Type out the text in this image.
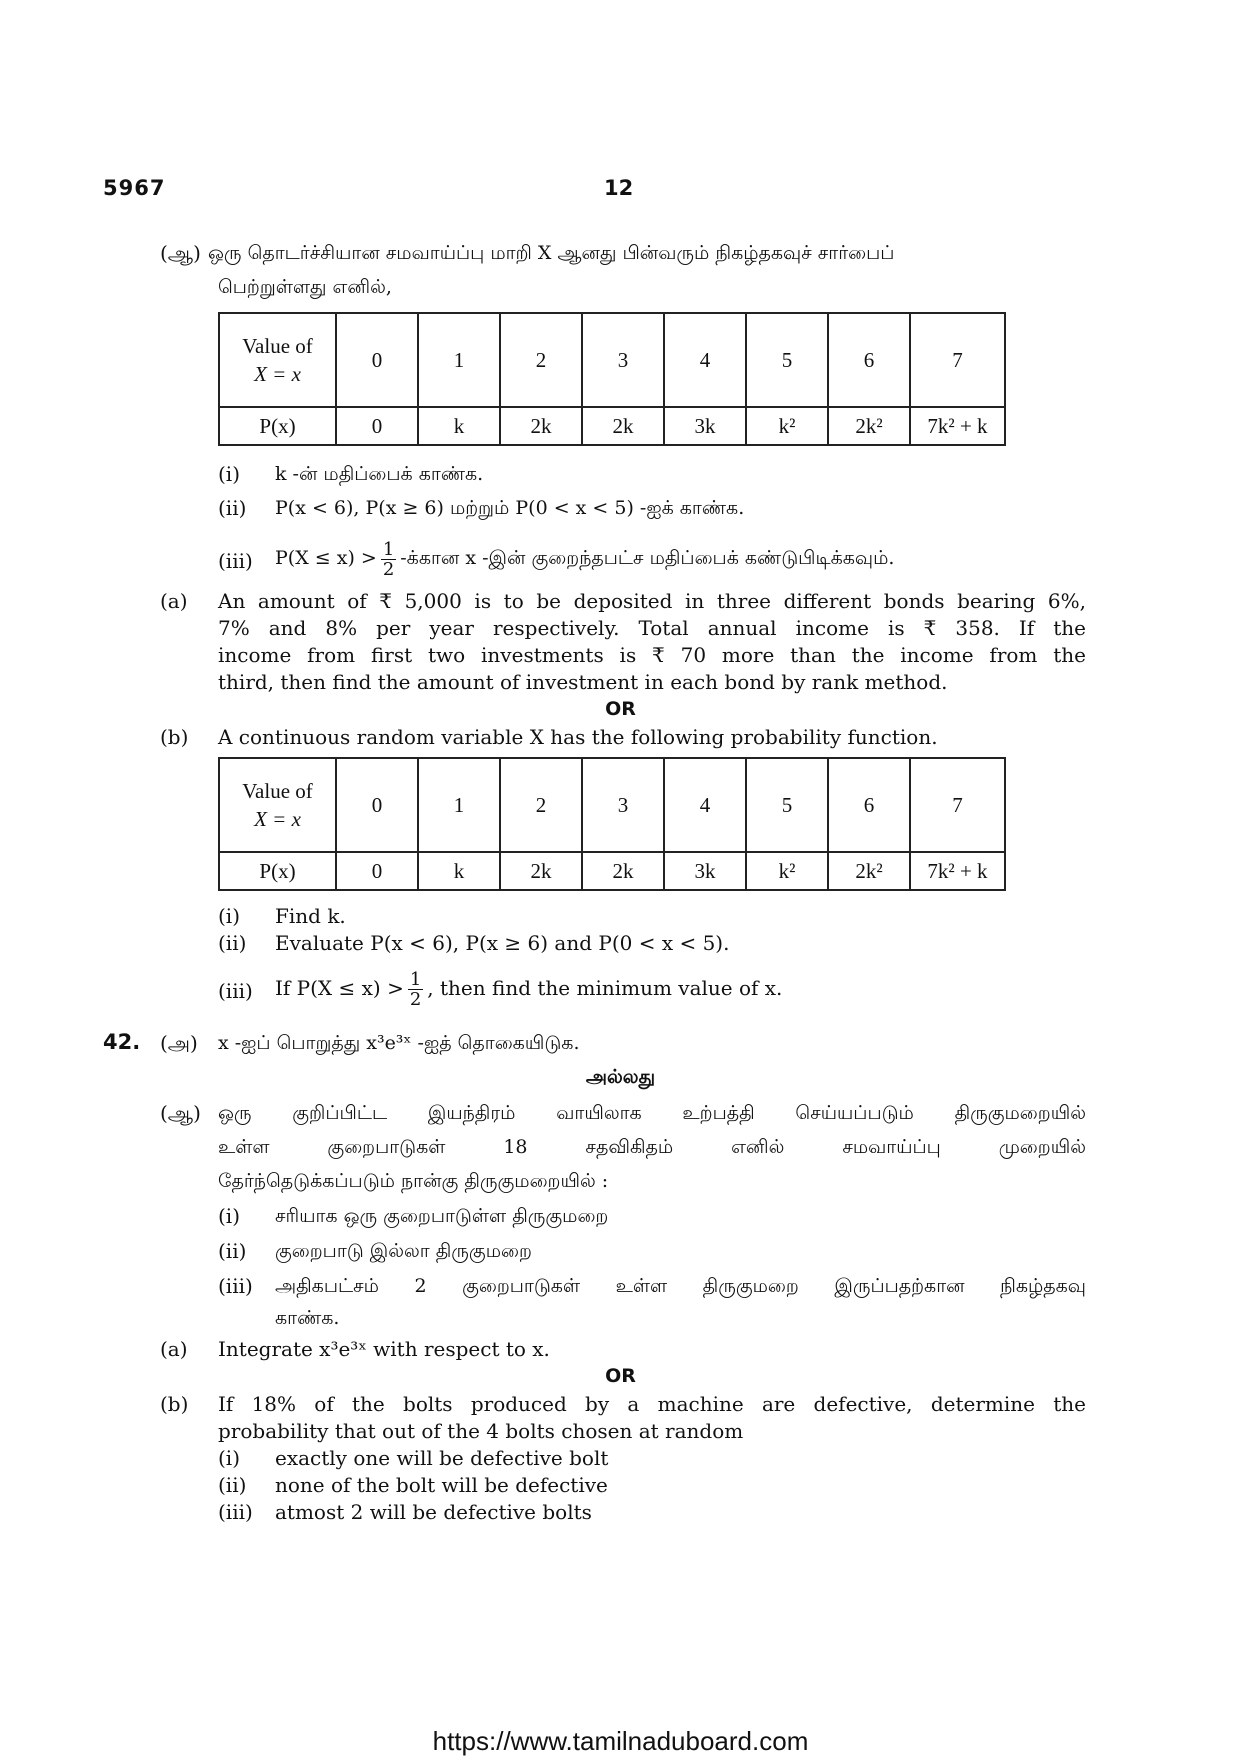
5967	12
(ஆ) ஒரு தொடர்ச்சியான சமவாய்ப்பு மாறி X ஆனது பின்வரும் நிகழ்தகவுச் சார்பைப்
பெற்றுள்ளது எனில்,
Value of
X = x	0	1	2	3	4	5	6	7
P(x)	0	k	2k	2k	3k	k²	2k²	7k² + k
(i) k -ன் மதிப்பைக் காண்க.
(ii) P(x < 6), P(x ≥ 6) மற்றும் P(0 < x < 5) -ஐக் காண்க.
(iii) $P(X \le x) > \frac{1}{2}$ -க்கான x -இன் குறைந்தபட்ச மதிப்பைக் கண்டுபிடிக்கவும்.
(a) An amount of ₹ 5,000 is to be deposited in three different bonds bearing 6%,
7% and 8% per year respectively. Total annual income is ₹ 358. If the
income from first two investments is ₹ 70 more than the income from the
third, then find the amount of investment in each bond by rank method.
OR
(b) A continuous random variable X has the following probability function.
Value of
X = x	0	1	2	3	4	5	6	7
P(x)	0	k	2k	2k	3k	k²	2k²	7k² + k
(i) Find k.
(ii) Evaluate P(x < 6), P(x ≥ 6) and P(0 < x < 5).
(iii) If $P(X \le x) > \frac{1}{2}$ , then find the minimum value of x.
42. (அ) x -ஐப் பொறுத்து x³e³ˣ -ஐத் தொகையிடுக.
அல்லது
(ஆ) ஒரு குறிப்பிட்ட இயந்திரம் வாயிலாக உற்பத்தி செய்யப்படும் திருகுமறையில்
உள்ள குறைபாடுகள் 18 சதவிகிதம் எனில் சமவாய்ப்பு முறையில்
தேர்ந்தெடுக்கப்படும் நான்கு திருகுமறையில் :
(i) சரியாக ஒரு குறைபாடுள்ள திருகுமறை
(ii) குறைபாடு இல்லா திருகுமறை
(iii) அதிகபட்சம் 2 குறைபாடுகள் உள்ள திருகுமறை இருப்பதற்கான நிகழ்தகவு
காண்க.
(a) Integrate x³e³ˣ with respect to x.
OR
(b) If 18% of the bolts produced by a machine are defective, determine the
probability that out of the 4 bolts chosen at random
(i) exactly one will be defective bolt
(ii) none of the bolt will be defective
(iii) atmost 2 will be defective bolts
https://www.tamilnaduboard.com
